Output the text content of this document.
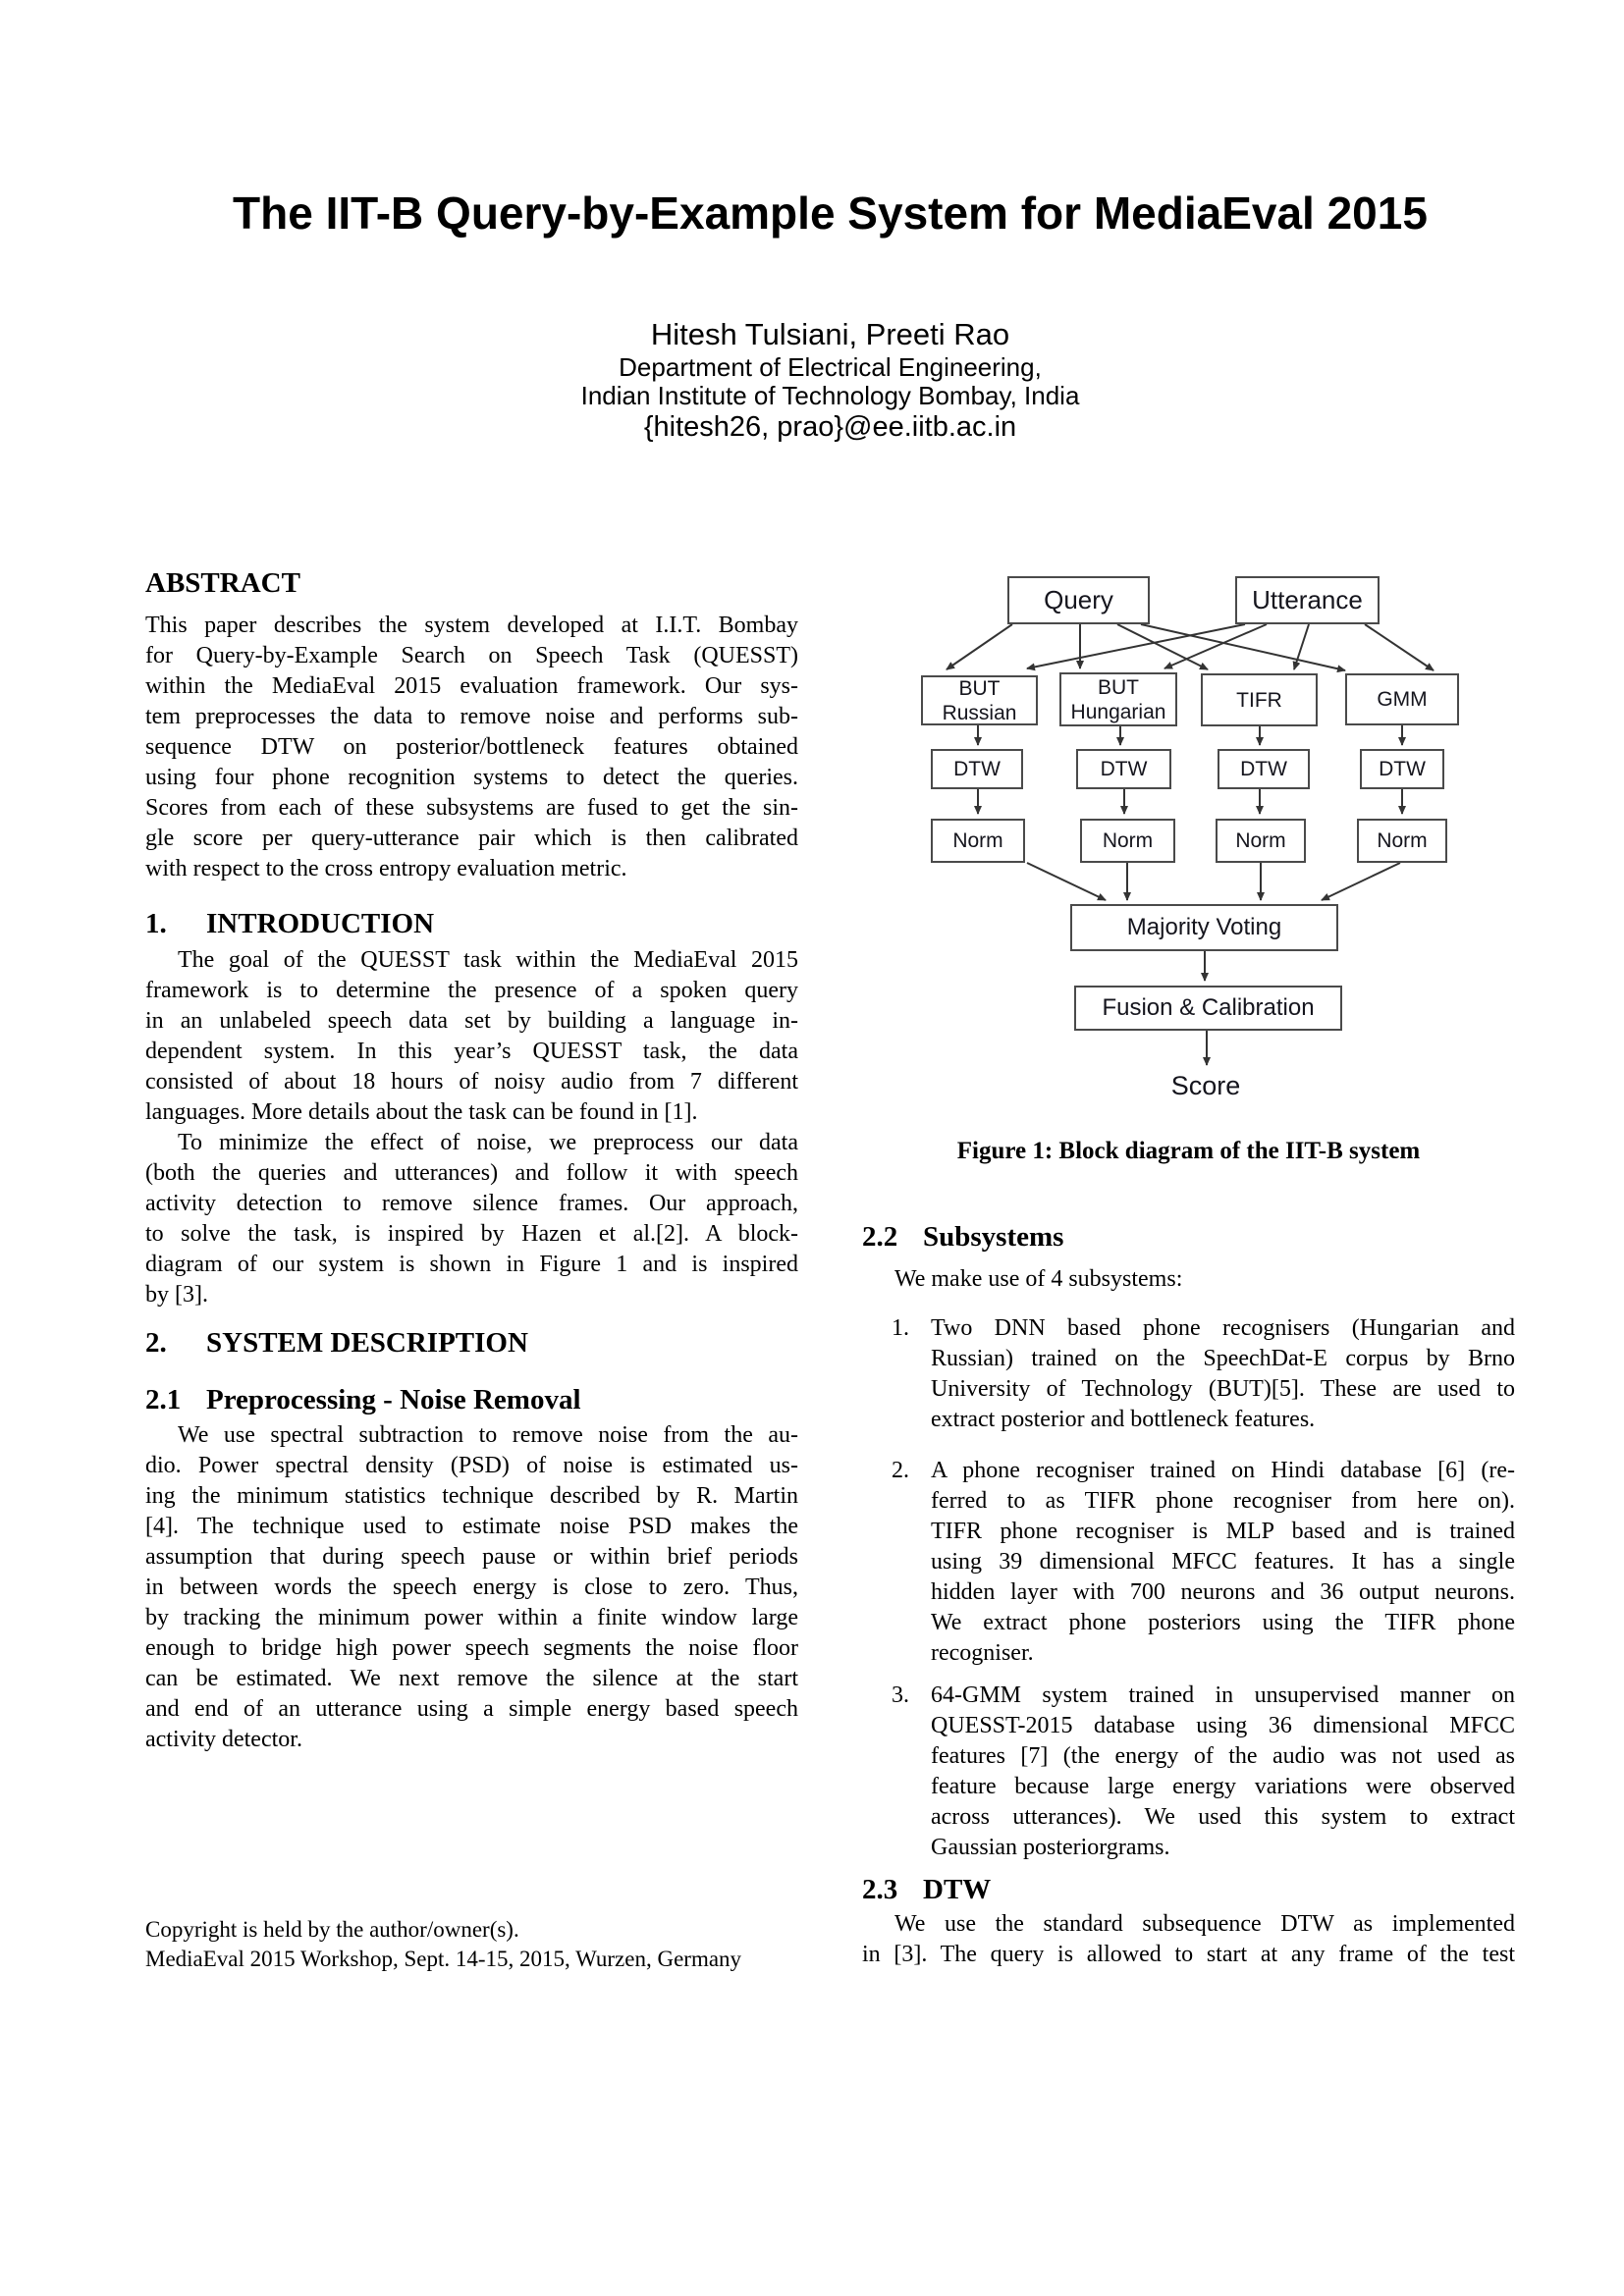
The IIT-B Query-by-Example System for MediaEval 2015
Hitesh Tulsiani, Preeti Rao
Department of Electrical Engineering,
Indian Institute of Technology Bombay, India
{hitesh26, prao}@ee.iitb.ac.in
ABSTRACT
This paper describes the system developed at I.I.T. Bombay
for Query-by-Example Search on Speech Task (QUESST)
within the MediaEval 2015 evaluation framework. Our sys-
tem preprocesses the data to remove noise and performs sub-
sequence DTW on posterior/bottleneck features obtained
using four phone recognition systems to detect the queries.
Scores from each of these subsystems are fused to get the sin-
gle score per query-utterance pair which is then calibrated
with respect to the cross entropy evaluation metric.
1. INTRODUCTION
The goal of the QUESST task within the MediaEval 2015
framework is to determine the presence of a spoken query
in an unlabeled speech data set by building a language in-
dependent system. In this year’s QUESST task, the data
consisted of about 18 hours of noisy audio from 7 different
languages. More details about the task can be found in [1].
To minimize the effect of noise, we preprocess our data
(both the queries and utterances) and follow it with speech
activity detection to remove silence frames. Our approach,
to solve the task, is inspired by Hazen et al.[2]. A block-
diagram of our system is shown in Figure 1 and is inspired
by [3].
2. SYSTEM DESCRIPTION
2.1 Preprocessing - Noise Removal
We use spectral subtraction to remove noise from the au-
dio. Power spectral density (PSD) of noise is estimated us-
ing the minimum statistics technique described by R. Martin
[4]. The technique used to estimate noise PSD makes the
assumption that during speech pause or within brief periods
in between words the speech energy is close to zero. Thus,
by tracking the minimum power within a finite window large
enough to bridge high power speech segments the noise floor
can be estimated. We next remove the silence at the start
and end of an utterance using a simple energy based speech
activity detector.
Query	Utterance
BUT
Russian
BUT
Hungarian
TIFR	GMM
DTW	DTW	DTW	DTW
Norm	Norm	Norm	Norm
Majority Voting
Fusion & Calibration
Score
Figure 1: Block diagram of the IIT-B system
2.2 Subsystems
We make use of 4 subsystems:
1. Two DNN based phone recognisers (Hungarian and
Russian) trained on the SpeechDat-E corpus by Brno
University of Technology (BUT)[5]. These are used to
extract posterior and bottleneck features.
2. A phone recogniser trained on Hindi database [6] (re-
ferred to as TIFR phone recogniser from here on).
TIFR phone recogniser is MLP based and is trained
using 39 dimensional MFCC features. It has a single
hidden layer with 700 neurons and 36 output neurons.
We extract phone posteriors using the TIFR phone
recogniser.
3. 64-GMM system trained in unsupervised manner on
QUESST-2015 database using 36 dimensional MFCC
features [7] (the energy of the audio was not used as
feature because large energy variations were observed
across utterances). We used this system to extract
Gaussian posteriorgrams.
2.3 DTW
We use the standard subsequence DTW as implemented
in [3]. The query is allowed to start at any frame of the test
Copyright is held by the author/owner(s).
MediaEval 2015 Workshop, Sept. 14-15, 2015, Wurzen, Germany
